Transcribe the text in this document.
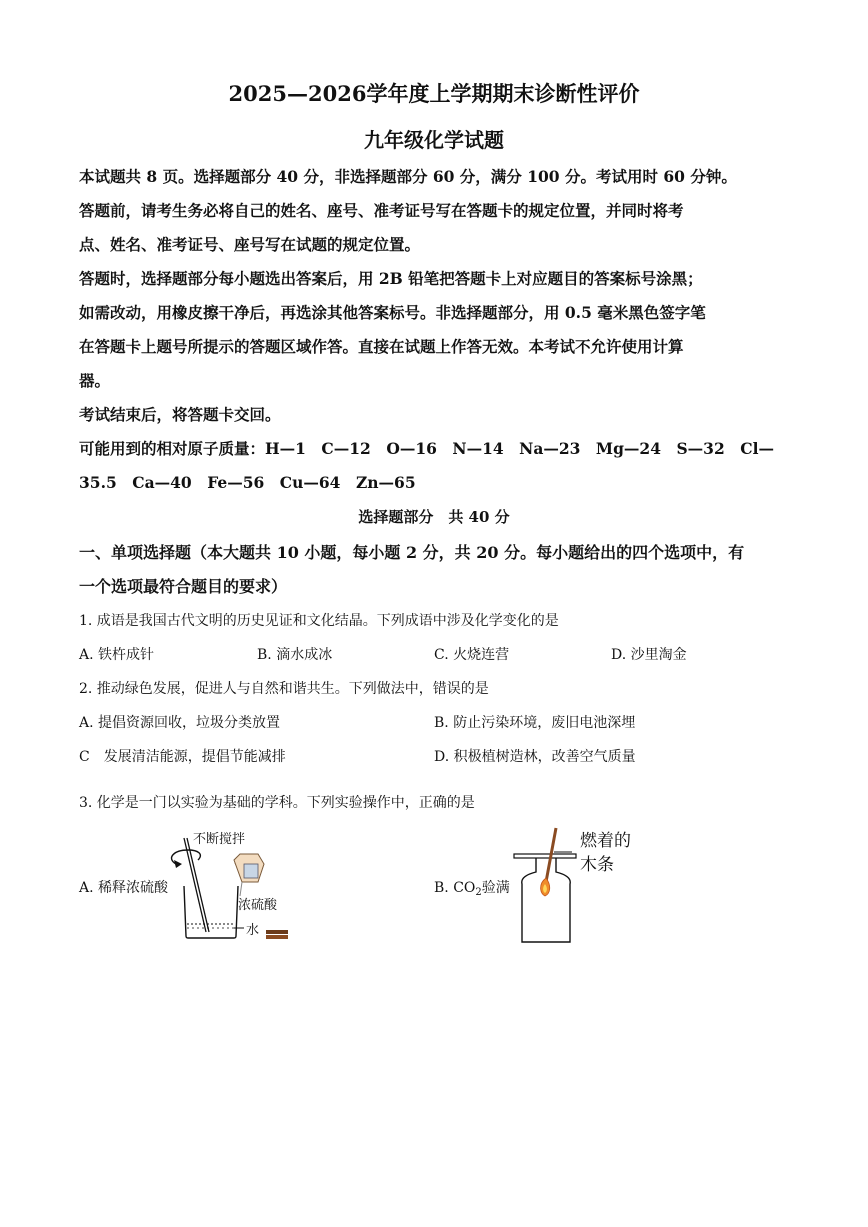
2025—2026学年度上学期期末诊断性评价
九年级化学试题
本试题共 8 页。选择题部分 40 分，非选择题部分 60 分，满分 100 分。考试用时 60 分钟。
答题前，请考生务必将自己的姓名、座号、准考证号写在答题卡的规定位置，并同时将考
点、姓名、准考证号、座号写在试题的规定位置。
答题时，选择题部分每小题选出答案后，用 2B 铅笔把答题卡上对应题目的答案标号涂黑；
如需改动，用橡皮擦干净后，再选涂其他答案标号。非选择题部分，用 0.5 毫米黑色签字笔
在答题卡上题号所提示的答题区域作答。直接在试题上作答无效。本考试不允许使用计算
器。
考试结束后，将答题卡交回。
可能用到的相对原子质量：H—1　C—12　O—16　N—14　Na—23　Mg—24　S—32　Cl—
35.5　Ca—40　Fe—56　Cu—64　Zn—65
选择题部分　共 40 分
一、单项选择题（本大题共 10 小题，每小题 2 分，共 20 分。每小题给出的四个选项中，有
一个选项最符合题目的要求）
1. 成语是我国古代文明的历史见证和文化结晶。下列成语中涉及化学变化的是
A. 铁杵成针	B. 滴水成冰	C. 火烧连营	D. 沙里淘金
2. 推动绿色发展，促进人与自然和谐共生。下列做法中，错误的是
A. 提倡资源回收，垃圾分类放置	B. 防止污染环境，废旧电池深埋
C　发展清洁能源，提倡节能减排	D. 积极植树造林，改善空气质量
3. 化学是一门以实验为基础的学科。下列实验操作中，正确的是
A. 稀释浓硫酸	B. $CO_2$验满
不断搅拌
浓硫酸
水
燃着的
木条
